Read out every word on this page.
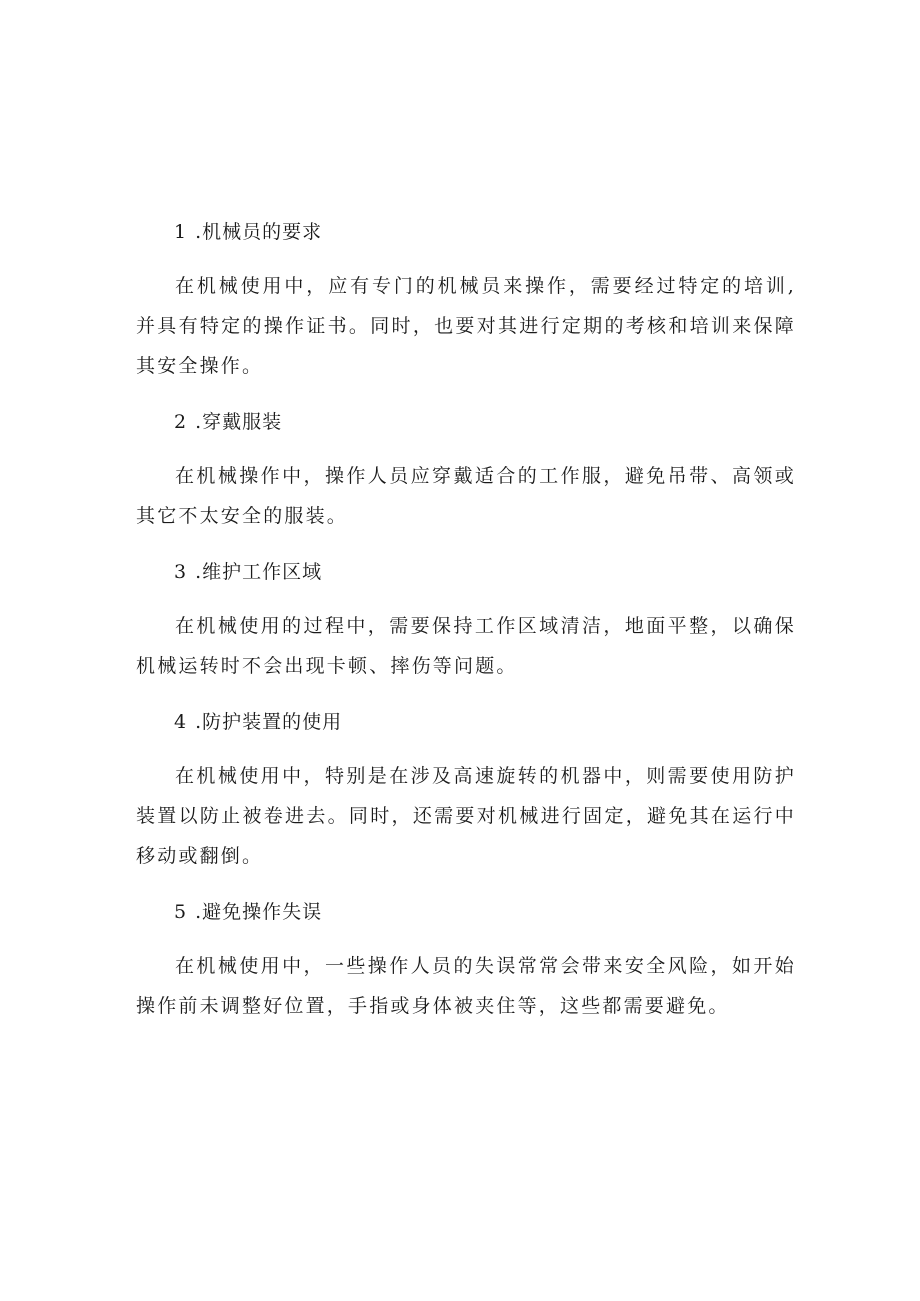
1 .机械员的要求

在机械使用中，应有专门的机械员来操作，需要经过特定的培训,并具有特定的操作证书。同时，也要对其进行定期的考核和培训来保障其安全操作。

2 .穿戴服装

在机械操作中，操作人员应穿戴适合的工作服，避免吊带、高领或其它不太安全的服装。

3 .维护工作区域

在机械使用的过程中，需要保持工作区域清洁，地面平整，以确保机械运转时不会出现卡顿、摔伤等问题。

4 .防护装置的使用

在机械使用中，特别是在涉及高速旋转的机器中，则需要使用防护装置以防止被卷进去。同时，还需要对机械进行固定，避免其在运行中移动或翻倒。

5 .避免操作失误

在机械使用中，一些操作人员的失误常常会带来安全风险，如开始操作前未调整好位置，手指或身体被夹住等，这些都需要避免。
